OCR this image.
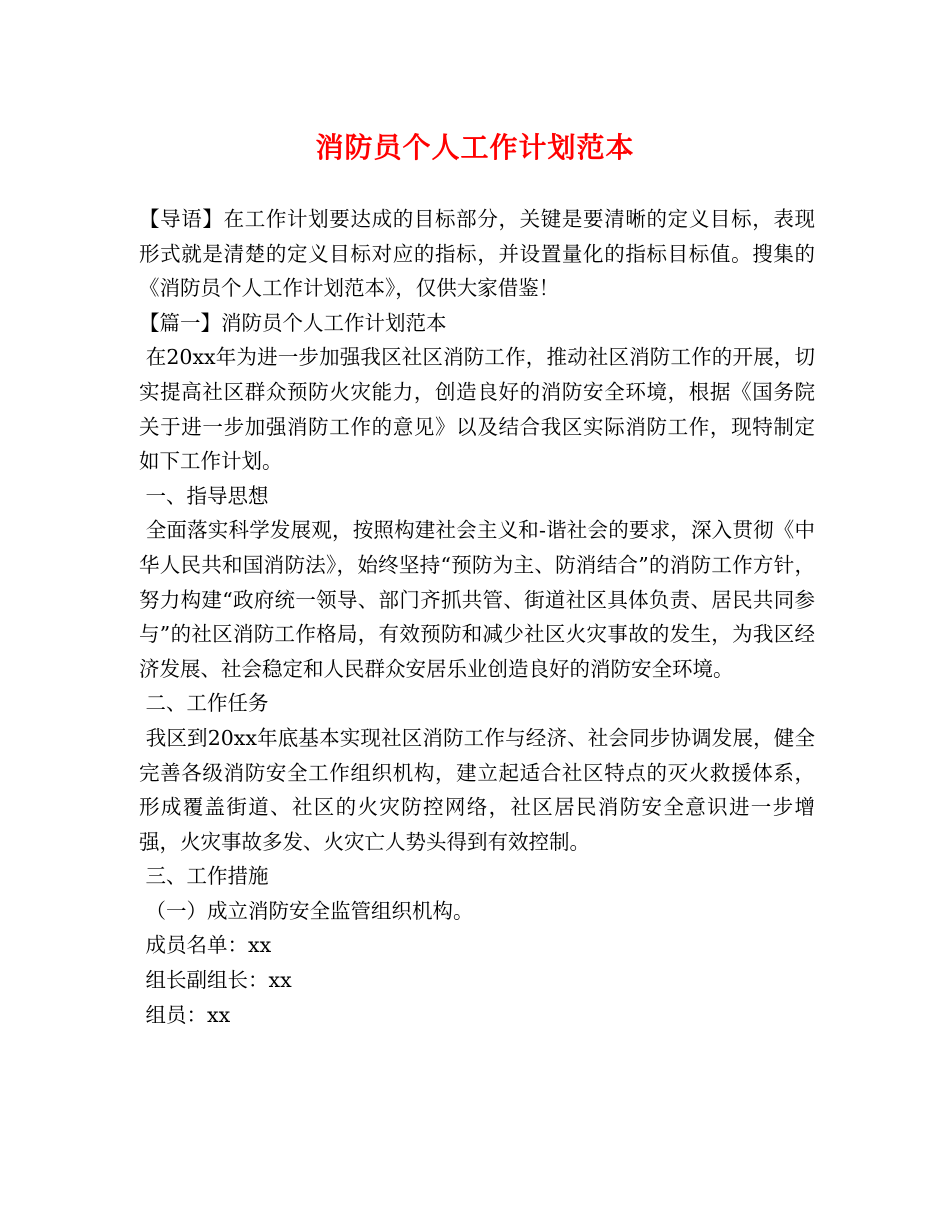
消防员个人工作计划范本

【导语】在工作计划要达成的目标部分，关键是要清晰的定义目标，表现形式就是清楚的定义目标对应的指标，并设置量化的指标目标值。搜集的《消防员个人工作计划范本》，仅供大家借鉴！

【篇一】消防员个人工作计划范本

在20xx年为进一步加强我区社区消防工作，推动社区消防工作的开展，切实提高社区群众预防火灾能力，创造良好的消防安全环境，根据《国务院关于进一步加强消防工作的意见》以及结合我区实际消防工作，现特制定如下工作计划。

一、指导思想

全面落实科学发展观，按照构建社会主义和-谐社会的要求，深入贯彻《中华人民共和国消防法》，始终坚持“预防为主、防消结合”的消防工作方针，努力构建“政府统一领导、部门齐抓共管、街道社区具体负责、居民共同参与”的社区消防工作格局，有效预防和减少社区火灾事故的发生，为我区经济发展、社会稳定和人民群众安居乐业创造良好的消防安全环境。

二、工作任务

我区到20xx年底基本实现社区消防工作与经济、社会同步协调发展，健全完善各级消防安全工作组织机构，建立起适合社区特点的灭火救援体系，形成覆盖街道、社区的火灾防控网络，社区居民消防安全意识进一步增强，火灾事故多发、火灾亡人势头得到有效控制。

三、工作措施

（一）成立消防安全监管组织机构。

成员名单：xx

组长副组长：xx

组员：xx
